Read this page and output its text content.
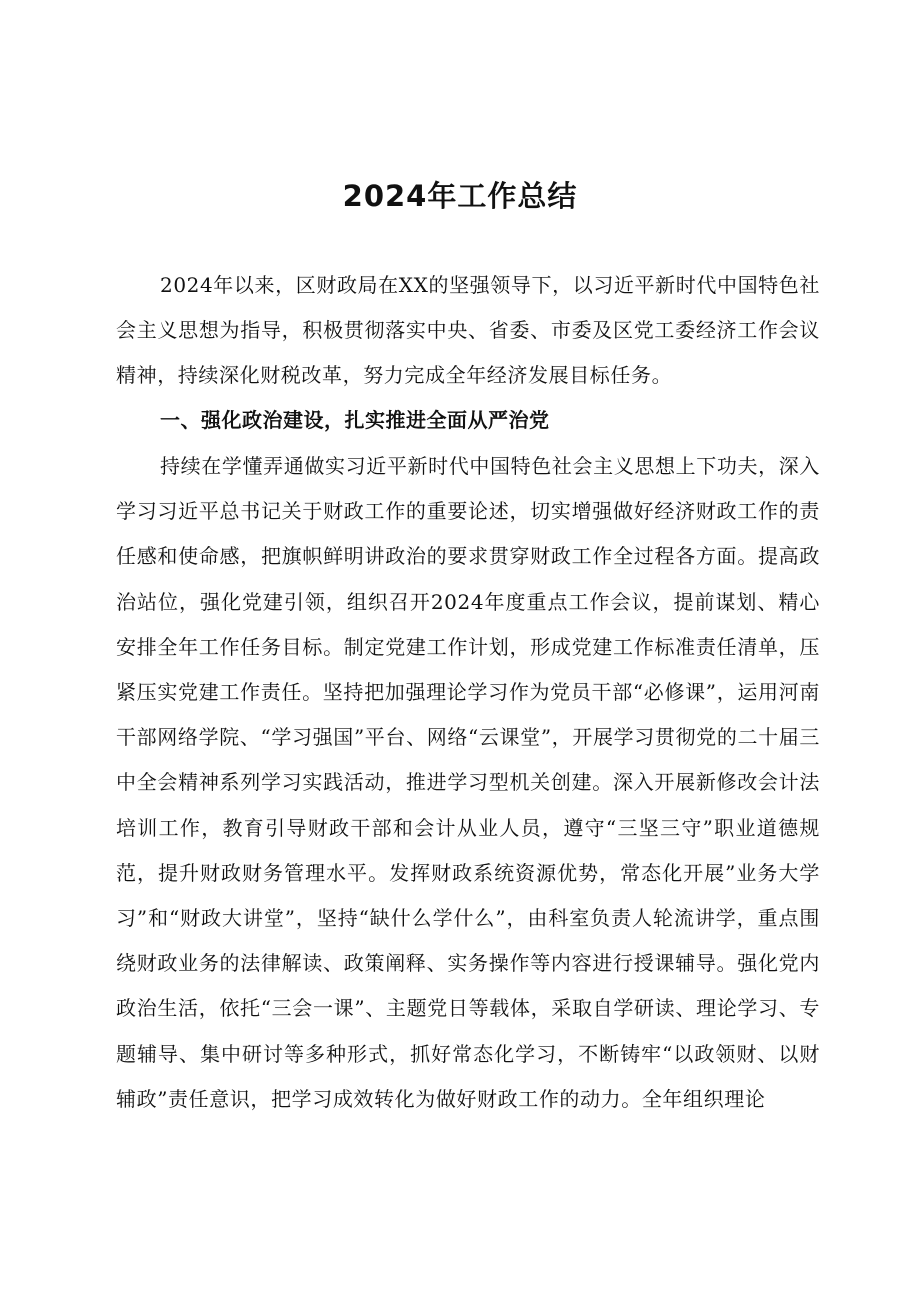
2024年工作总结

2024年以来，区财政局在XX的坚强领导下，以习近平新时代中国特色社会主义思想为指导，积极贯彻落实中央、省委、市委及区党工委经济工作会议精神，持续深化财税改革，努力完成全年经济发展目标任务。

一、强化政治建设，扎实推进全面从严治党

持续在学懂弄通做实习近平新时代中国特色社会主义思想上下功夫，深入学习习近平总书记关于财政工作的重要论述，切实增强做好经济财政工作的责任感和使命感，把旗帜鲜明讲政治的要求贯穿财政工作全过程各方面。提高政治站位，强化党建引领，组织召开2024年度重点工作会议，提前谋划、精心安排全年工作任务目标。制定党建工作计划，形成党建工作标准责任清单，压紧压实党建工作责任。坚持把加强理论学习作为党员干部“必修课”，运用河南干部网络学院、“学习强国”平台、网络“云课堂”，开展学习贯彻党的二十届三中全会精神系列学习实践活动，推进学习型机关创建。深入开展新修改会计法培训工作，教育引导财政干部和会计从业人员，遵守“三坚三守”职业道德规范，提升财政财务管理水平。发挥财政系统资源优势，常态化开展”业务大学习”和“财政大讲堂”，坚持“缺什么学什么”，由科室负责人轮流讲学，重点围绕财政业务的法律解读、政策阐释、实务操作等内容进行授课辅导。强化党内政治生活，依托“三会一课”、主题党日等载体，采取自学研读、理论学习、专题辅导、集中研讨等多种形式，抓好常态化学习，不断铸牢“以政领财、以财辅政”责任意识，把学习成效转化为做好财政工作的动力。全年组织理论
